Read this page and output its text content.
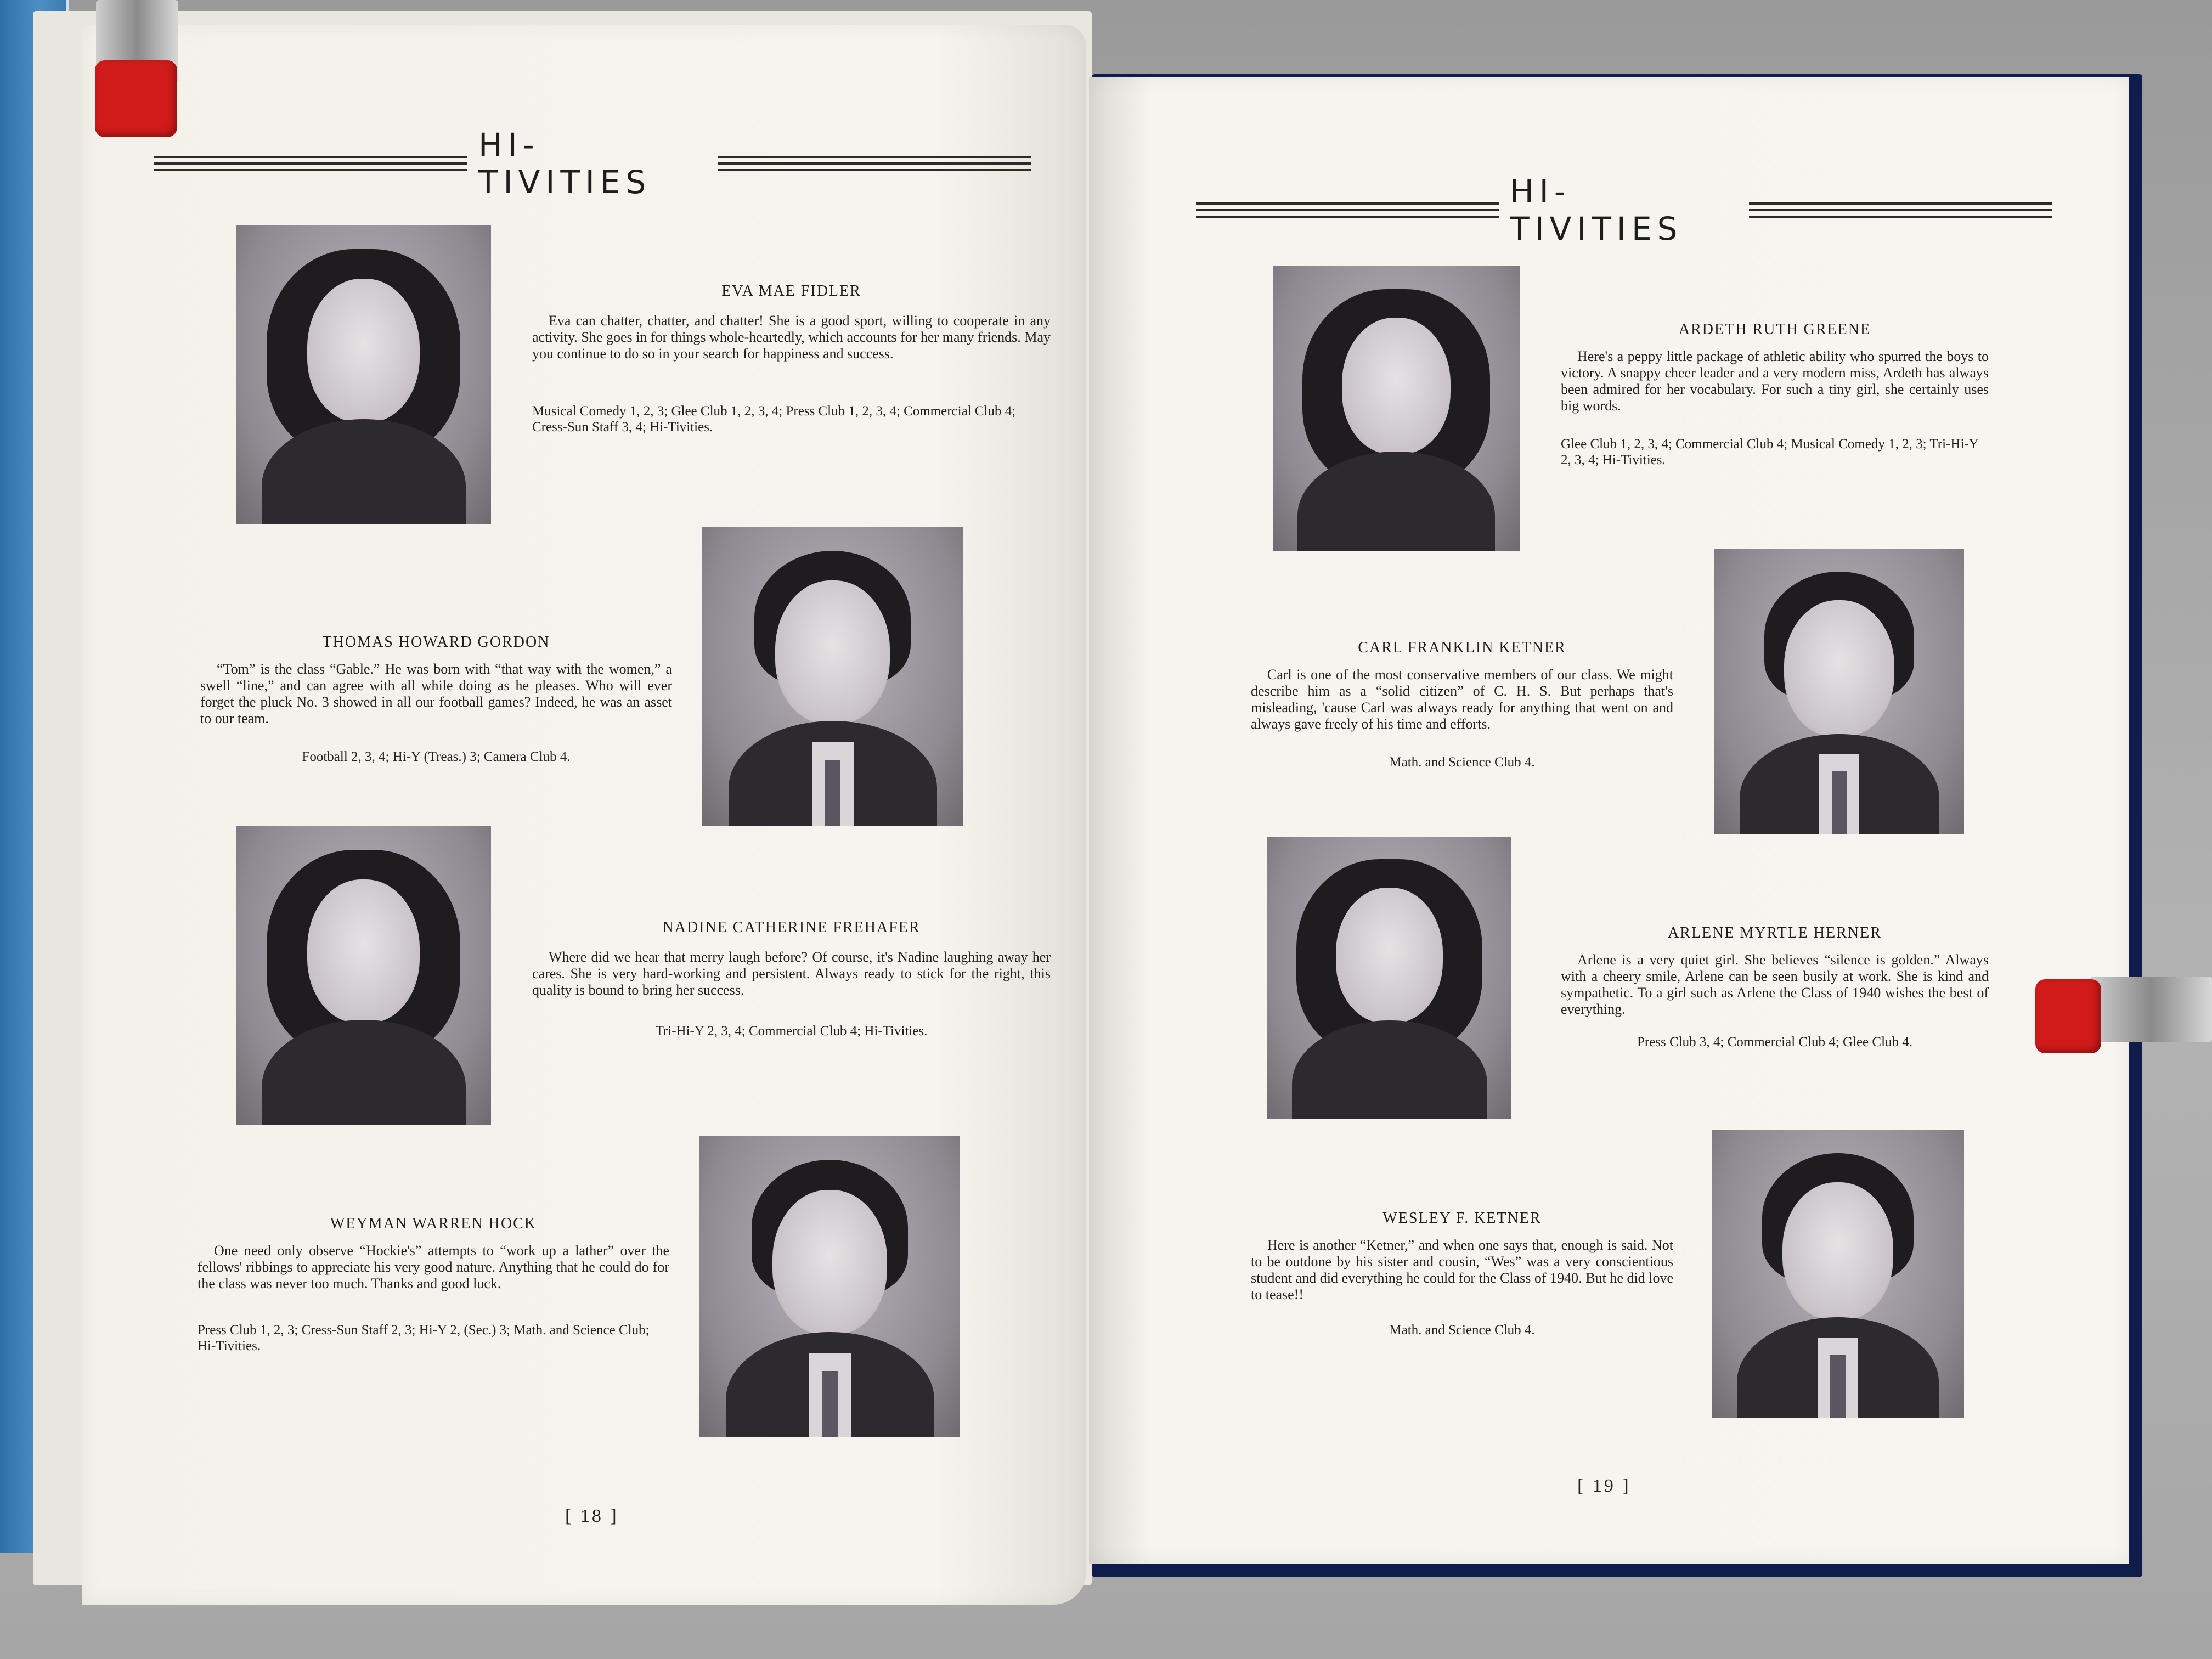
HI-TIVITIES
EVA MAE FIDLER
Eva can chatter, chatter, and chatter! She is a good sport, willing to cooperate in any activity. She goes in for things whole-heartedly, which accounts for her many friends. May you continue to do so in your search for happiness and success.
Musical Comedy 1, 2, 3; Glee Club 1, 2, 3, 4; Press Club 1, 2, 3, 4; Commercial Club 4; Cress-Sun Staff 3, 4; Hi-Tivities.
THOMAS HOWARD GORDON
“Tom” is the class “Gable.” He was born with “that way with the women,” a swell “line,” and can agree with all while doing as he pleases. Who will ever forget the pluck No. 3 showed in all our football games? Indeed, he was an asset to our team.
Football 2, 3, 4; Hi-Y (Treas.) 3; Camera Club 4.
NADINE CATHERINE FREHAFER
Where did we hear that merry laugh before? Of course, it's Nadine laughing away her cares. She is very hard-working and persistent. Always ready to stick for the right, this quality is bound to bring her success.
Tri-Hi-Y 2, 3, 4; Commercial Club 4; Hi-Tivities.
WEYMAN WARREN HOCK
One need only observe “Hockie's” attempts to “work up a lather” over the fellows' ribbings to appreciate his very good nature. Anything that he could do for the class was never too much. Thanks and good luck.
Press Club 1, 2, 3; Cress-Sun Staff 2, 3; Hi-Y 2, (Sec.) 3; Math. and Science Club; Hi-Tivities.
[ 18 ]
HI-TIVITIES
ARDETH RUTH GREENE
Here's a peppy little package of athletic ability who spurred the boys to victory. A snappy cheer leader and a very modern miss, Ardeth has always been admired for her vocabulary. For such a tiny girl, she certainly uses big words.
Glee Club 1, 2, 3, 4; Commercial Club 4; Musical Comedy 1, 2, 3; Tri-Hi-Y 2, 3, 4; Hi-Tivities.
CARL FRANKLIN KETNER
Carl is one of the most conservative members of our class. We might describe him as a “solid citizen” of C. H. S. But perhaps that's misleading, 'cause Carl was always ready for anything that went on and always gave freely of his time and efforts.
Math. and Science Club 4.
ARLENE MYRTLE HERNER
Arlene is a very quiet girl. She believes “silence is golden.” Always with a cheery smile, Arlene can be seen busily at work. She is kind and sympathetic. To a girl such as Arlene the Class of 1940 wishes the best of everything.
Press Club 3, 4; Commercial Club 4; Glee Club 4.
WESLEY F. KETNER
Here is another “Ketner,” and when one says that, enough is said. Not to be outdone by his sister and cousin, “Wes” was a very conscientious student and did everything he could for the Class of 1940. But he did love to tease!!
Math. and Science Club 4.
[ 19 ]
